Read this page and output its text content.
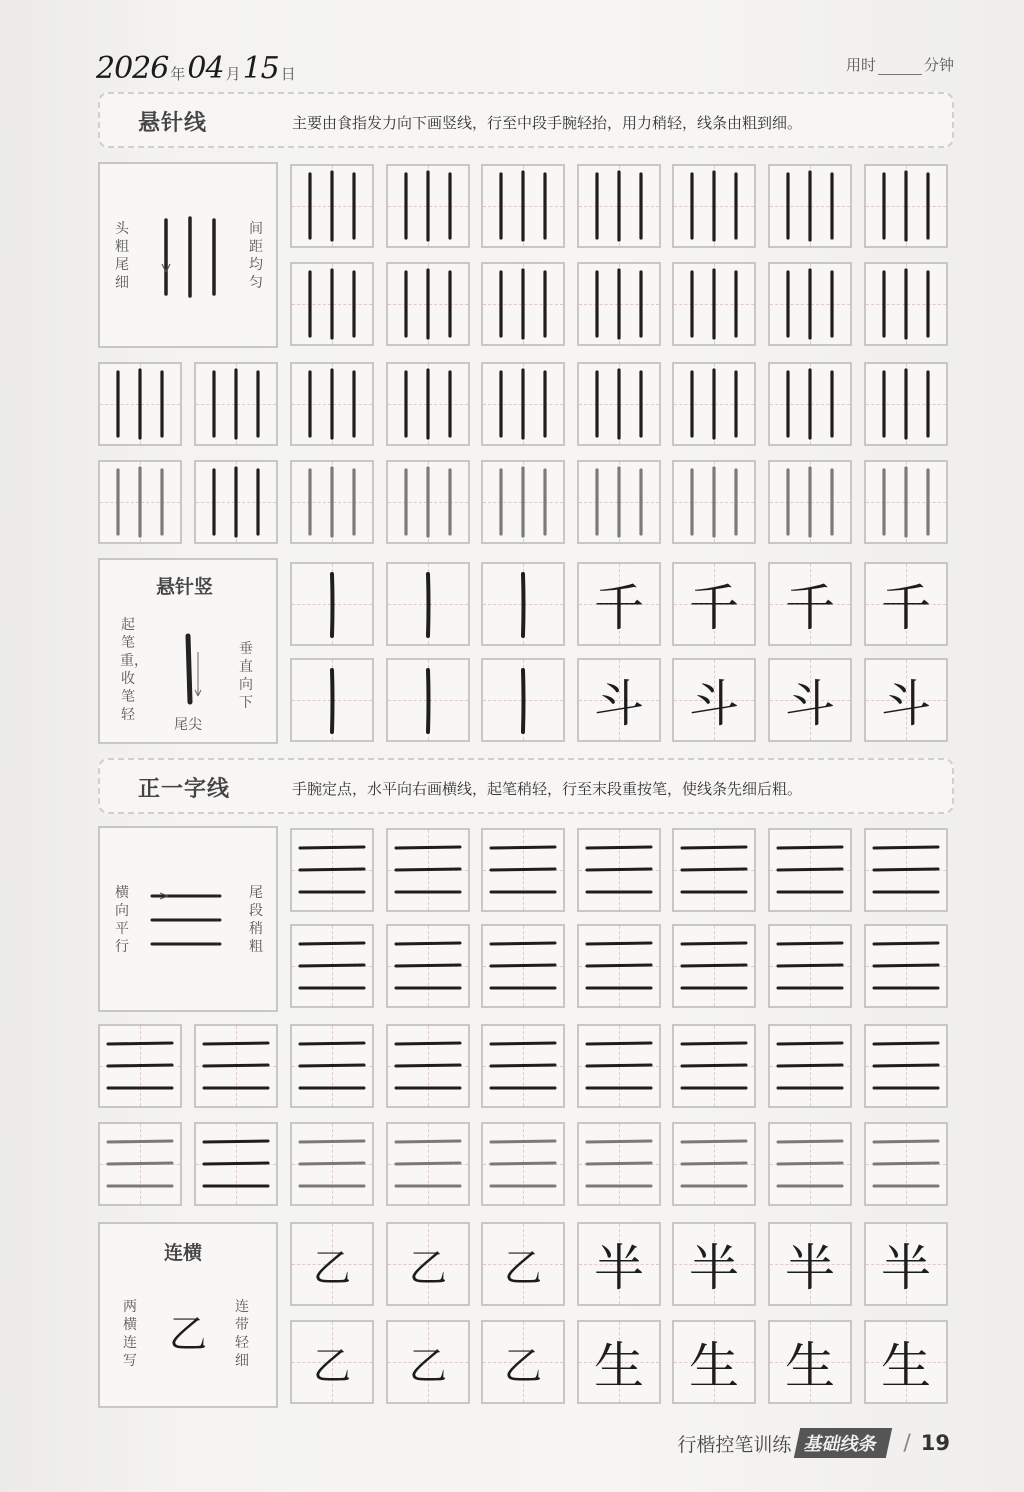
2026 年 04 月 15 日	用时	分钟
悬针线	主要由食指发力向下画竖线，行至中段手腕轻抬，用力稍轻，线条由粗到细。
头粗尾细
间距均匀
悬针竖
起笔重，收笔轻
垂直向下
尾尖
正一字线	手腕定点，水平向右画横线，起笔稍轻，行至末段重按笔，使线条先细后粗。
横向平行
尾段稍粗
连横
两横连写
连带轻细
乙
行楷控笔训练 基础线条	/ 19
千 千 千 千
斗 斗 斗 斗
乙	乙	乙	半 半 半 半
乙	乙	乙	生 生 生 生
